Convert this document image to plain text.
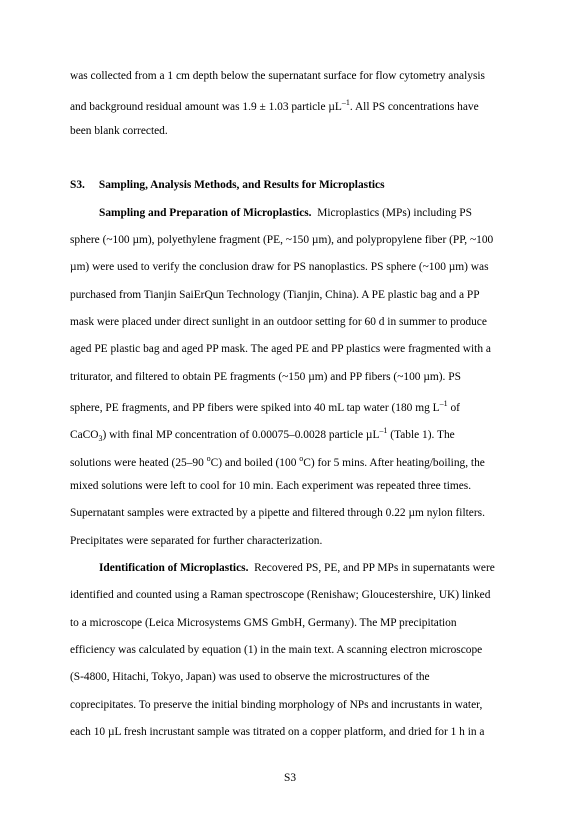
was collected from a 1 cm depth below the supernatant surface for flow cytometry analysis
and background residual amount was 1.9 ± 1.03 particle µL$^{-1}$. All PS concentrations have
been blank corrected.
S3. Sampling, Analysis Methods, and Results for Microplastics
Sampling and Preparation of Microplastics. Microplastics (MPs) including PS
sphere (~100 µm), polyethylene fragment (PE, ~150 µm), and polypropylene fiber (PP, ~100
µm) were used to verify the conclusion draw for PS nanoplastics. PS sphere (~100 µm) was
purchased from Tianjin SaiErQun Technology (Tianjin, China). A PE plastic bag and a PP
mask were placed under direct sunlight in an outdoor setting for 60 d in summer to produce
aged PE plastic bag and aged PP mask. The aged PE and PP plastics were fragmented with a
triturator, and filtered to obtain PE fragments (~150 µm) and PP fibers (~100 µm). PS
sphere, PE fragments, and PP fibers were spiked into 40 mL tap water (180 mg $L^{-1}$ of
CaCO$_3$) with final MP concentration of 0.00075–0.0028 particle µL$^{-1}$ (Table 1). The
solutions were heated (25–90 $^o$C) and boiled (100 $^o$C) for 5 mins. After heating/boiling, the
mixed solutions were left to cool for 10 min. Each experiment was repeated three times.
Supernatant samples were extracted by a pipette and filtered through 0.22 µm nylon filters.
Precipitates were separated for further characterization.
Identification of Microplastics. Recovered PS, PE, and PP MPs in supernatants were
identified and counted using a Raman spectroscope (Renishaw; Gloucestershire, UK) linked
to a microscope (Leica Microsystems GMS GmbH, Germany). The MP precipitation
efficiency was calculated by equation (1) in the main text. A scanning electron microscope
(S-4800, Hitachi, Tokyo, Japan) was used to observe the microstructures of the
coprecipitates. To preserve the initial binding morphology of NPs and incrustants in water,
each 10 µL fresh incrustant sample was titrated on a copper platform, and dried for 1 h in a
S3
